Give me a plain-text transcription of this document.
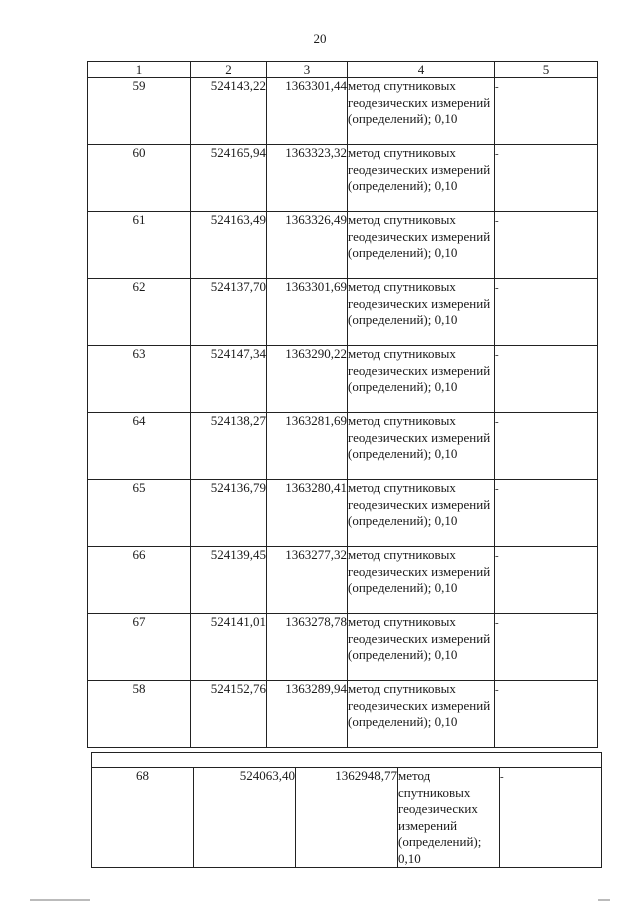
20
1	2	3	4	5
59	524143,22	1363301,44	метод спутниковых геодезических измерений (определений); 0,10	-
60	524165,94	1363323,32	метод спутниковых геодезических измерений (определений); 0,10	-
61	524163,49	1363326,49	метод спутниковых геодезических измерений (определений); 0,10	-
62	524137,70	1363301,69	метод спутниковых геодезических измерений (определений); 0,10	-
63	524147,34	1363290,22	метод спутниковых геодезических измерений (определений); 0,10	-
64	524138,27	1363281,69	метод спутниковых геодезических измерений (определений); 0,10	-
65	524136,79	1363280,41	метод спутниковых геодезических измерений (определений); 0,10	-
66	524139,45	1363277,32	метод спутниковых геодезических измерений (определений); 0,10	-
67	524141,01	1363278,78	метод спутниковых геодезических измерений (определений); 0,10	-
58	524152,76	1363289,94	метод спутниковых геодезических измерений (определений); 0,10	-

68	524063,40	1362948,77	метод спутниковых геодезических измерений (определений); 0,10	-
